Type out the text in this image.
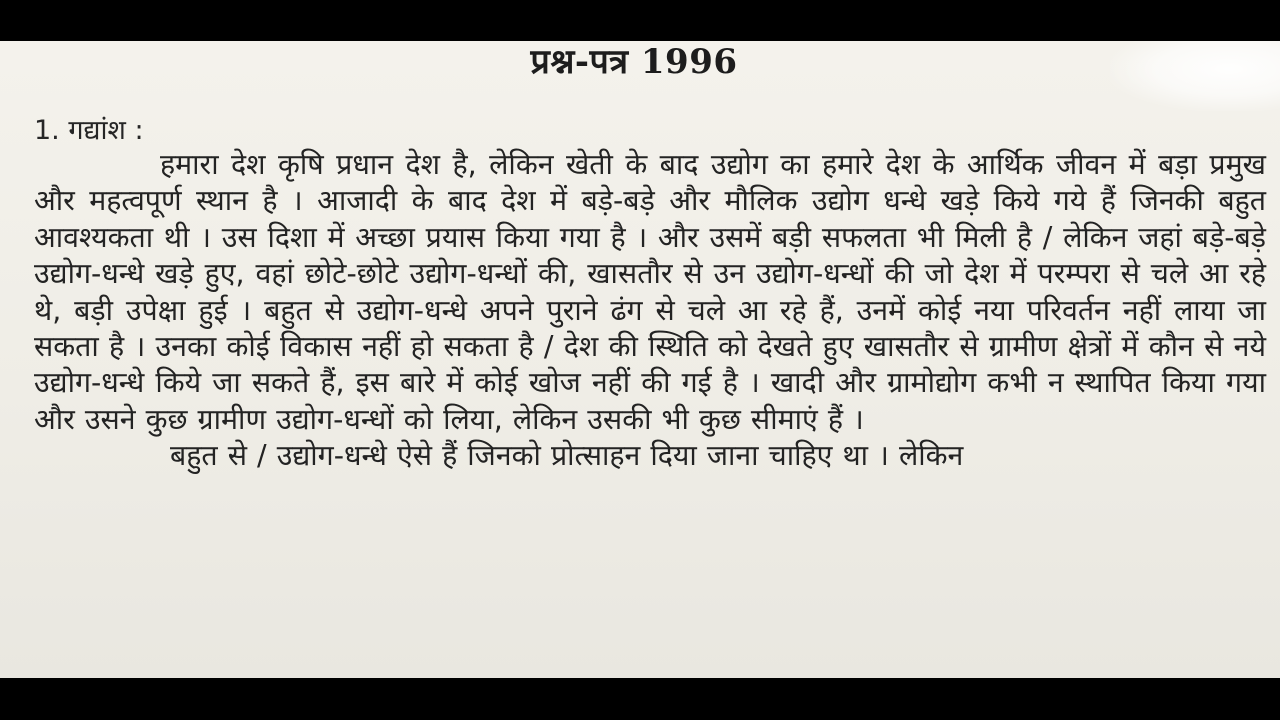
प्रश्न-पत्र 1996
1. गद्यांश :

हमारा देश कृषि प्रधान देश है, लेकिन खेती के बाद उद्योग का हमारे देश के आर्थिक जीवन में बड़ा प्रमुख और महत्वपूर्ण स्थान है । आजादी के बाद देश में बड़े-बड़े और मौलिक उद्योग धन्धे खड़े किये गये हैं जिनकी बहुत आवश्यकता थी । उस दिशा में अच्छा प्रयास किया गया है । और उसमें बड़ी सफलता भी मिली है / लेकिन जहां बड़े-बड़े उद्योग-धन्धे खड़े हुए, वहां छोटे-छोटे उद्योग-धन्धों की, खासतौर से उन उद्योग-धन्धों की जो देश में परम्परा से चले आ रहे थे, बड़ी उपेक्षा हुई । बहुत से उद्योग-धन्धे अपने पुराने ढंग से चले आ रहे हैं, उनमें कोई नया परिवर्तन नहीं लाया जा सकता है । उनका कोई विकास नहीं हो सकता है / देश की स्थिति को देखते हुए खासतौर से ग्रामीण क्षेत्रों में कौन से नये उद्योग-धन्धे किये जा सकते हैं, इस बारे में कोई खोज नहीं की गई है । खादी और ग्रामोद्योग कभी न स्थापित किया गया और उसने कुछ ग्रामीण उद्योग-धन्धों को लिया, लेकिन उसकी भी कुछ सीमाएं हैं ।

बहुत से / उद्योग-धन्धे ऐसे हैं जिनको प्रोत्साहन दिया जाना चाहिए था । लेकिन
